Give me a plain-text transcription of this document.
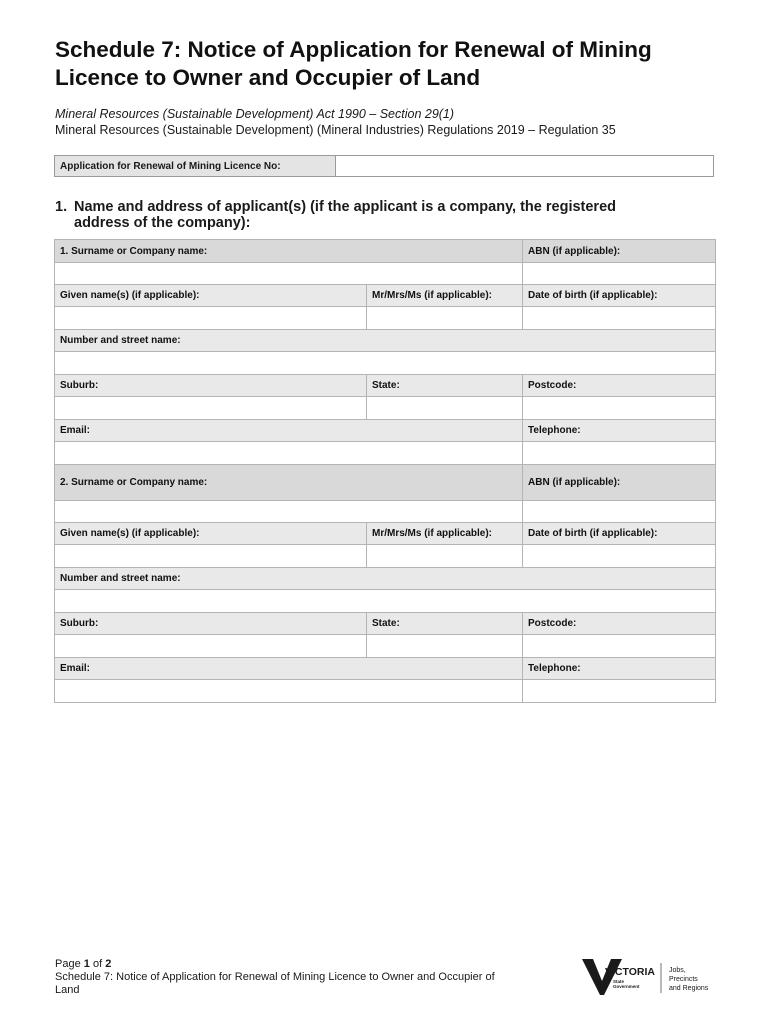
Schedule 7: Notice of Application for Renewal of Mining Licence to Owner and Occupier of Land
Mineral Resources (Sustainable Development) Act 1990 – Section 29(1)
Mineral Resources (Sustainable Development) (Mineral Industries) Regulations 2019 – Regulation 35
Application for Renewal of Mining Licence No:
1. Name and address of applicant(s) (if the applicant is a company, the registered
address of the company):
1. Surname or Company name:		ABN (if applicable):

Given name(s) (if applicable):	Mr/Mrs/Ms (if applicable):	Date of birth (if applicable):

Number and street name:		

Suburb:	State:	Postcode:

Email:		Telephone:

2. Surname or Company name:		ABN (if applicable):

Given name(s) (if applicable):	Mr/Mrs/Ms (if applicable):	Date of birth (if applicable):

Number and street name:		

Suburb:	State:	Postcode:

Email:		Telephone:

Page 1 of 2
Schedule 7: Notice of Application for Renewal of Mining Licence to Owner and Occupier of
Land
VICTORIA
State
Government
Jobs,
Precincts
and Regions
